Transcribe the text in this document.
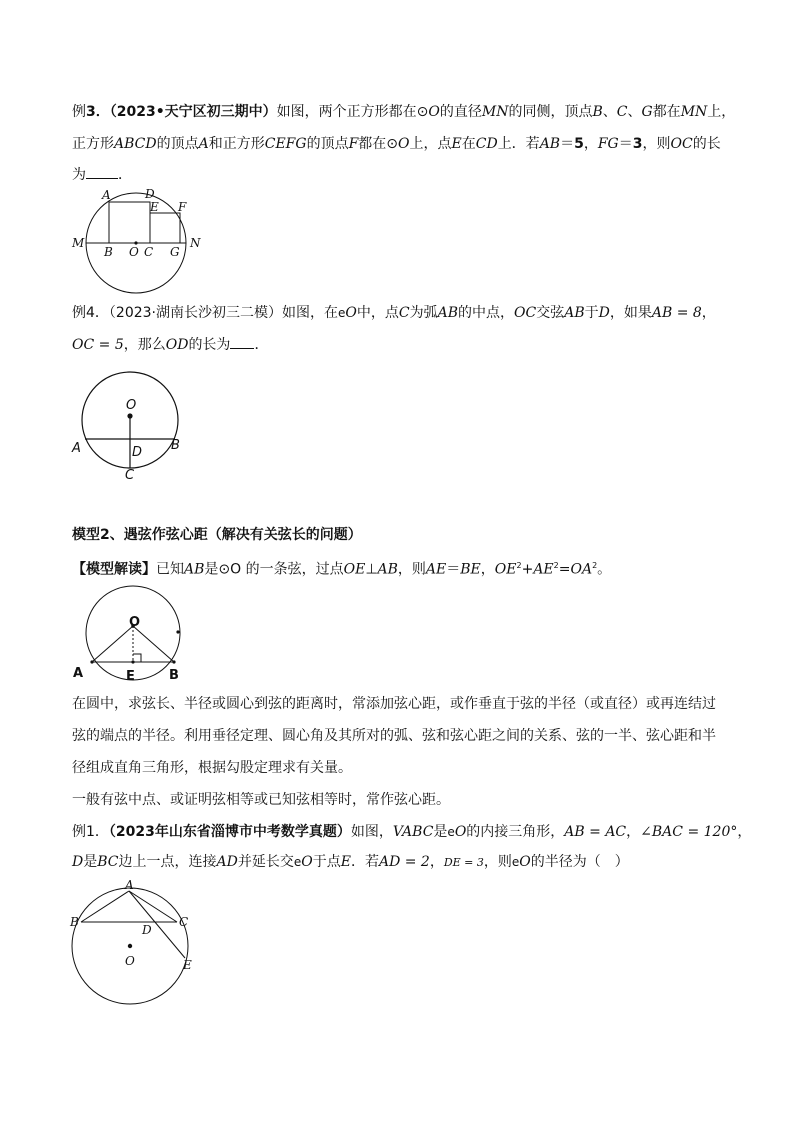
例3．（2023•天宁区初三期中）如图，两个正方形都在⊙O的直径MN的同侧，顶点B、C、G都在MN上，
正方形ABCD的顶点A和正方形CEFG的顶点F都在⊙O上，点E在CD上．若AB＝5，FG＝3，则OC的长
为 ．
A	D
E F
M	N
B O C G
例4．（2023·湖南长沙初三二模）如图，在eO中，点C为弧AB的中点，OC交弦AB于D，如果AB = 8，
OC = 5，那么OD的长为 ．
O
A	B
D
C
模型2、遇弦作弦心距（解决有关弦长的问题）
【模型解读】已知AB是⊙O 的一条弦，过点OE⊥AB，则AE＝BE，$OE^2+AE^2=OA^2$。
O
A	B
E
在圆中，求弦长、半径或圆心到弦的距离时，常添加弦心距，或作垂直于弦的半径（或直径）或再连结过
弦的端点的半径。利用垂径定理、圆心角及其所对的弧、弦和弦心距之间的关系、弦的一半、弦心距和半
径组成直角三角形，根据勾股定理求有关量。
一般有弦中点、或证明弦相等或已知弦相等时，常作弦心距。
例1．（2023年山东省淄博市中考数学真题）如图，VABC是eO的内接三角形，AB = AC，∠BAC = 120°，
D是BC边上一点，连接AD并延长交eO于点E．若AD = 2，DE = 3，则eO的半径为（　）
A
B	C
D
O	E
